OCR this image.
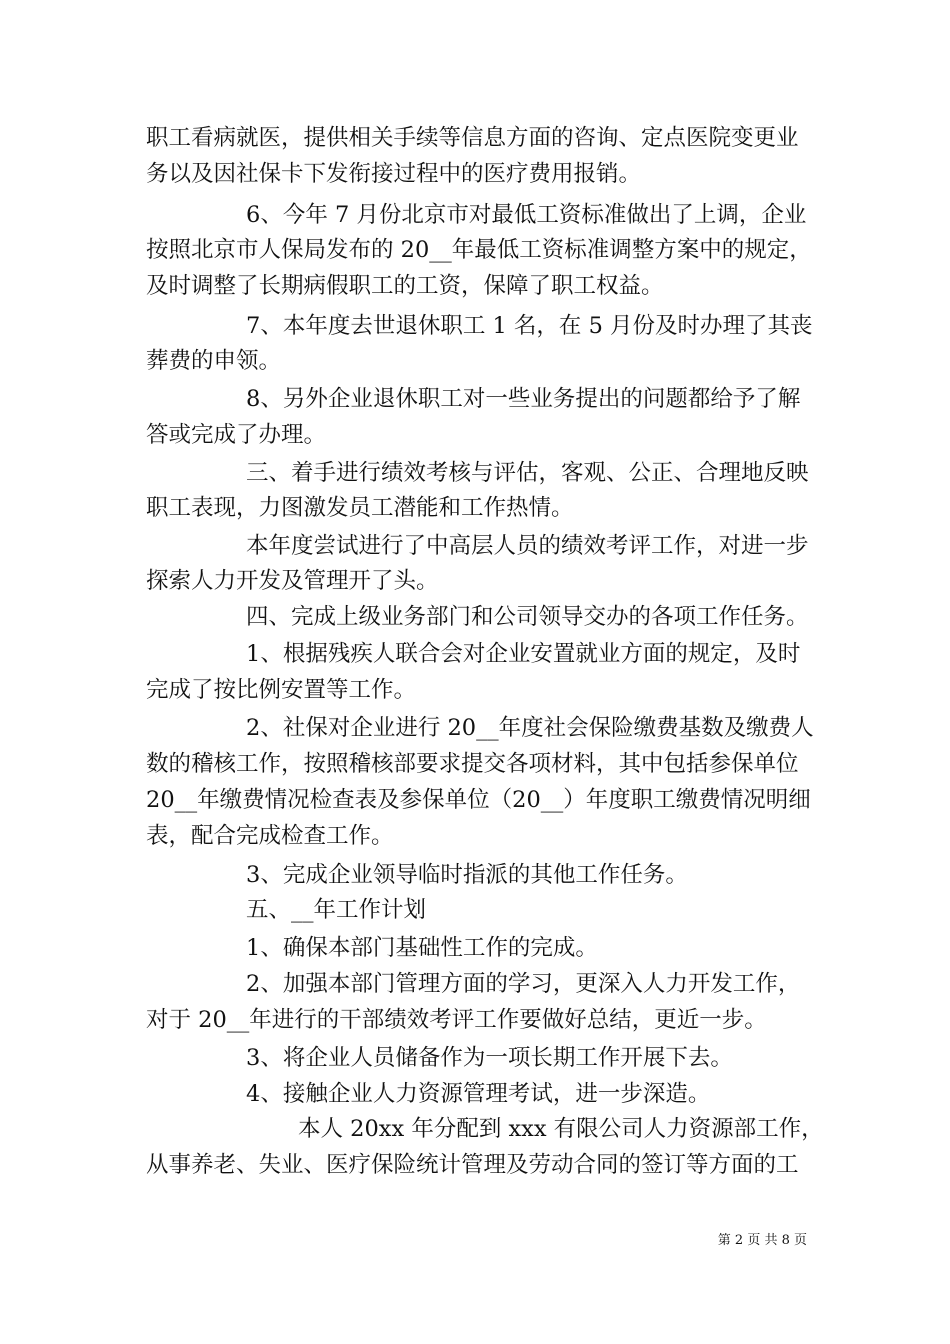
职工看病就医，提供相关手续等信息方面的咨询、定点医院变更业
务以及因社保卡下发衔接过程中的医疗费用报销。
6、今年 7 月份北京市对最低工资标准做出了上调，企业
按照北京市人保局发布的 20__年最低工资标准调整方案中的规定，
及时调整了长期病假职工的工资，保障了职工权益。
7、本年度去世退休职工 1 名，在 5 月份及时办理了其丧
葬费的申领。
8、另外企业退休职工对一些业务提出的问题都给予了解
答或完成了办理。
三、着手进行绩效考核与评估，客观、公正、合理地反映
职工表现，力图激发员工潜能和工作热情。
本年度尝试进行了中高层人员的绩效考评工作，对进一步
探索人力开发及管理开了头。
四、完成上级业务部门和公司领导交办的各项工作任务。
1、根据残疾人联合会对企业安置就业方面的规定，及时
完成了按比例安置等工作。
2、社保对企业进行 20__年度社会保险缴费基数及缴费人
数的稽核工作，按照稽核部要求提交各项材料，其中包括参保单位
20__年缴费情况检查表及参保单位（20__）年度职工缴费情况明细
表，配合完成检查工作。
3、完成企业领导临时指派的其他工作任务。
五、__年工作计划
1、确保本部门基础性工作的完成。
2、加强本部门管理方面的学习，更深入人力开发工作，
对于 20__年进行的干部绩效考评工作要做好总结，更近一步。
3、将企业人员储备作为一项长期工作开展下去。
4、接触企业人力资源管理考试，进一步深造。
本人 20xx 年分配到 xxx 有限公司人力资源部工作，
从事养老、失业、医疗保险统计管理及劳动合同的签订等方面的工
第 2 页 共 8 页
